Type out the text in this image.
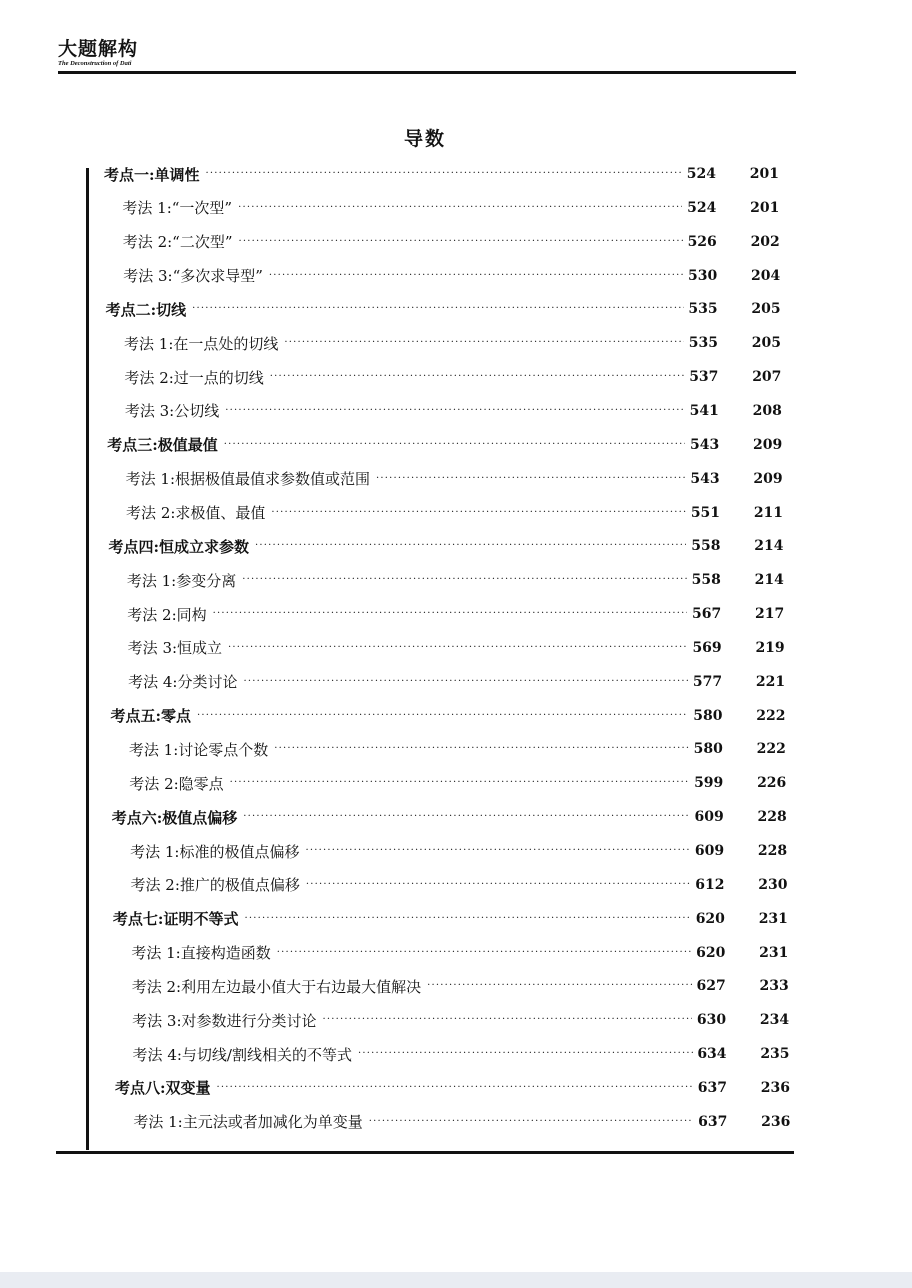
大题解构
The Deconstruction of Dati
导数
考点一:单调性 ·····	524	201
考法 1:“一次型” ·····	524	201
考法 2:“二次型” ·····	526	202
考法 3:“多次求导型” ·····	530	204
考点二:切线 ·····	535	205
考法 1:在一点处的切线 ·····	535	205
考法 2:过一点的切线 ·····	537	207
考法 3:公切线 ·····	541	208
考点三:极值最值 ·····	543	209
考法 1:根据极值最值求参数值或范围 ·····	543	209
考法 2:求极值、最值 ·····	551	211
考点四:恒成立求参数 ·····	558	214
考法 1:参变分离 ·····	558	214
考法 2:同构 ·····	567	217
考法 3:恒成立 ·····	569	219
考法 4:分类讨论 ·····	577	221
考点五:零点 ·····	580	222
考法 1:讨论零点个数 ·····	580	222
考法 2:隐零点 ·····	599	226
考点六:极值点偏移 ·····	609	228
考法 1:标准的极值点偏移 ·····	609	228
考法 2:推广的极值点偏移 ·····	612	230
考点七:证明不等式 ·····	620	231
考法 1:直接构造函数 ·····	620	231
考法 2:利用左边最小值大于右边最大值解决 ·····	627	233
考法 3:对参数进行分类讨论 ·····	630	234
考法 4:与切线/割线相关的不等式 ·····	634	235
考点八:双变量 ·····	637	236
考法 1:主元法或者加减化为单变量 ·····	637	236
